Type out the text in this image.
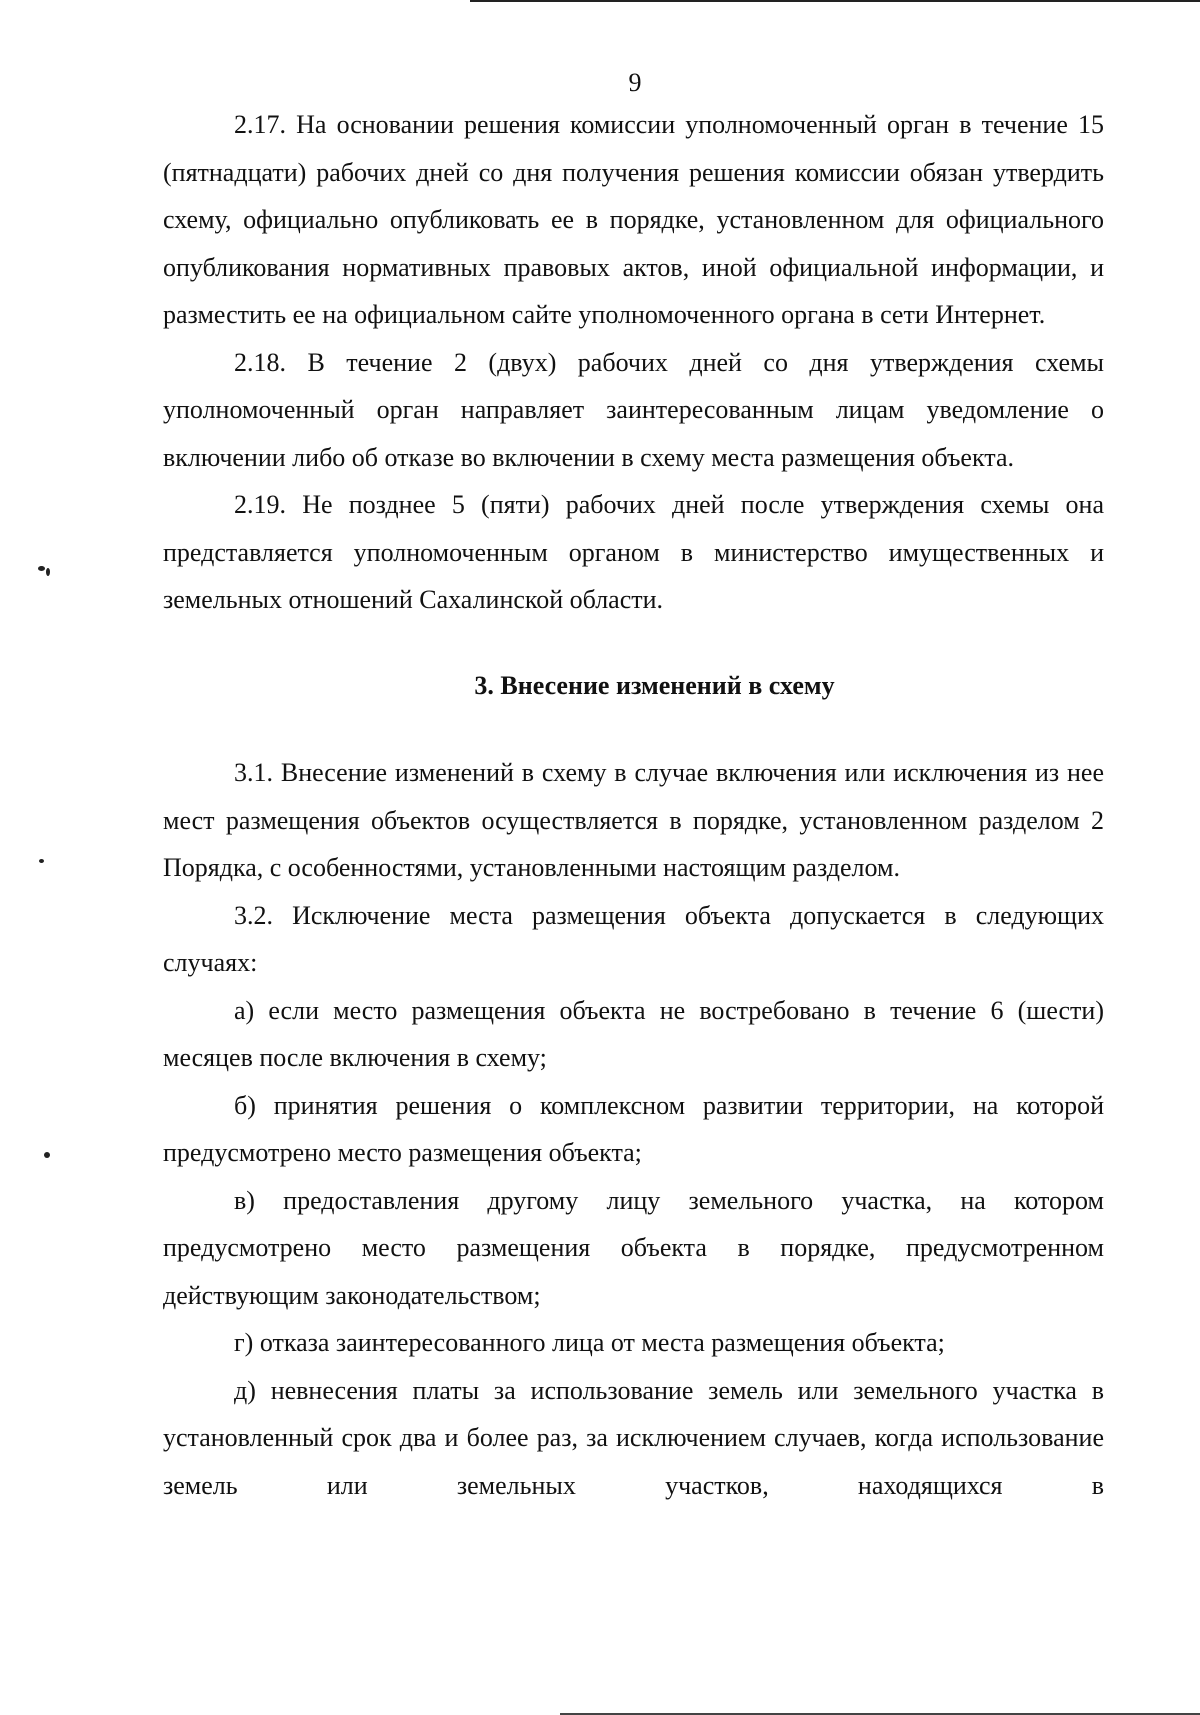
9

2.17. На основании решения комиссии уполномоченный орган в течение 15 (пятнадцати) рабочих дней со дня получения решения комиссии обязан утвердить схему, официально опубликовать ее в порядке, установленном для официального опубликования нормативных правовых актов, иной официальной информации, и разместить ее на официальном сайте уполномоченного органа в сети Интернет.

2.18. В течение 2 (двух) рабочих дней со дня утверждения схемы уполномоченный орган направляет заинтересованным лицам уведомление о включении либо об отказе во включении в схему места размещения объекта.

2.19. Не позднее 5 (пяти) рабочих дней после утверждения схемы она представляется уполномоченным органом в министерство имущественных и земельных отношений Сахалинской области.

3. Внесение изменений в схему

3.1. Внесение изменений в схему в случае включения или исключения из нее мест размещения объектов осуществляется в порядке, установленном разделом 2 Порядка, с особенностями, установленными настоящим разделом.

3.2. Исключение места размещения объекта допускается в следующих случаях:

а) если место размещения объекта не востребовано в течение 6 (шести) месяцев после включения в схему;

б) принятия решения о комплексном развитии территории, на которой предусмотрено место размещения объекта;

в) предоставления другому лицу земельного участка, на котором предусмотрено место размещения объекта в порядке, предусмотренном действующим законодательством;

г) отказа заинтересованного лица от места размещения объекта;

д) невнесения платы за использование земель или земельного участка в установленный срок два и более раз, за исключением случаев, когда использование земель или земельных участков, находящихся в
